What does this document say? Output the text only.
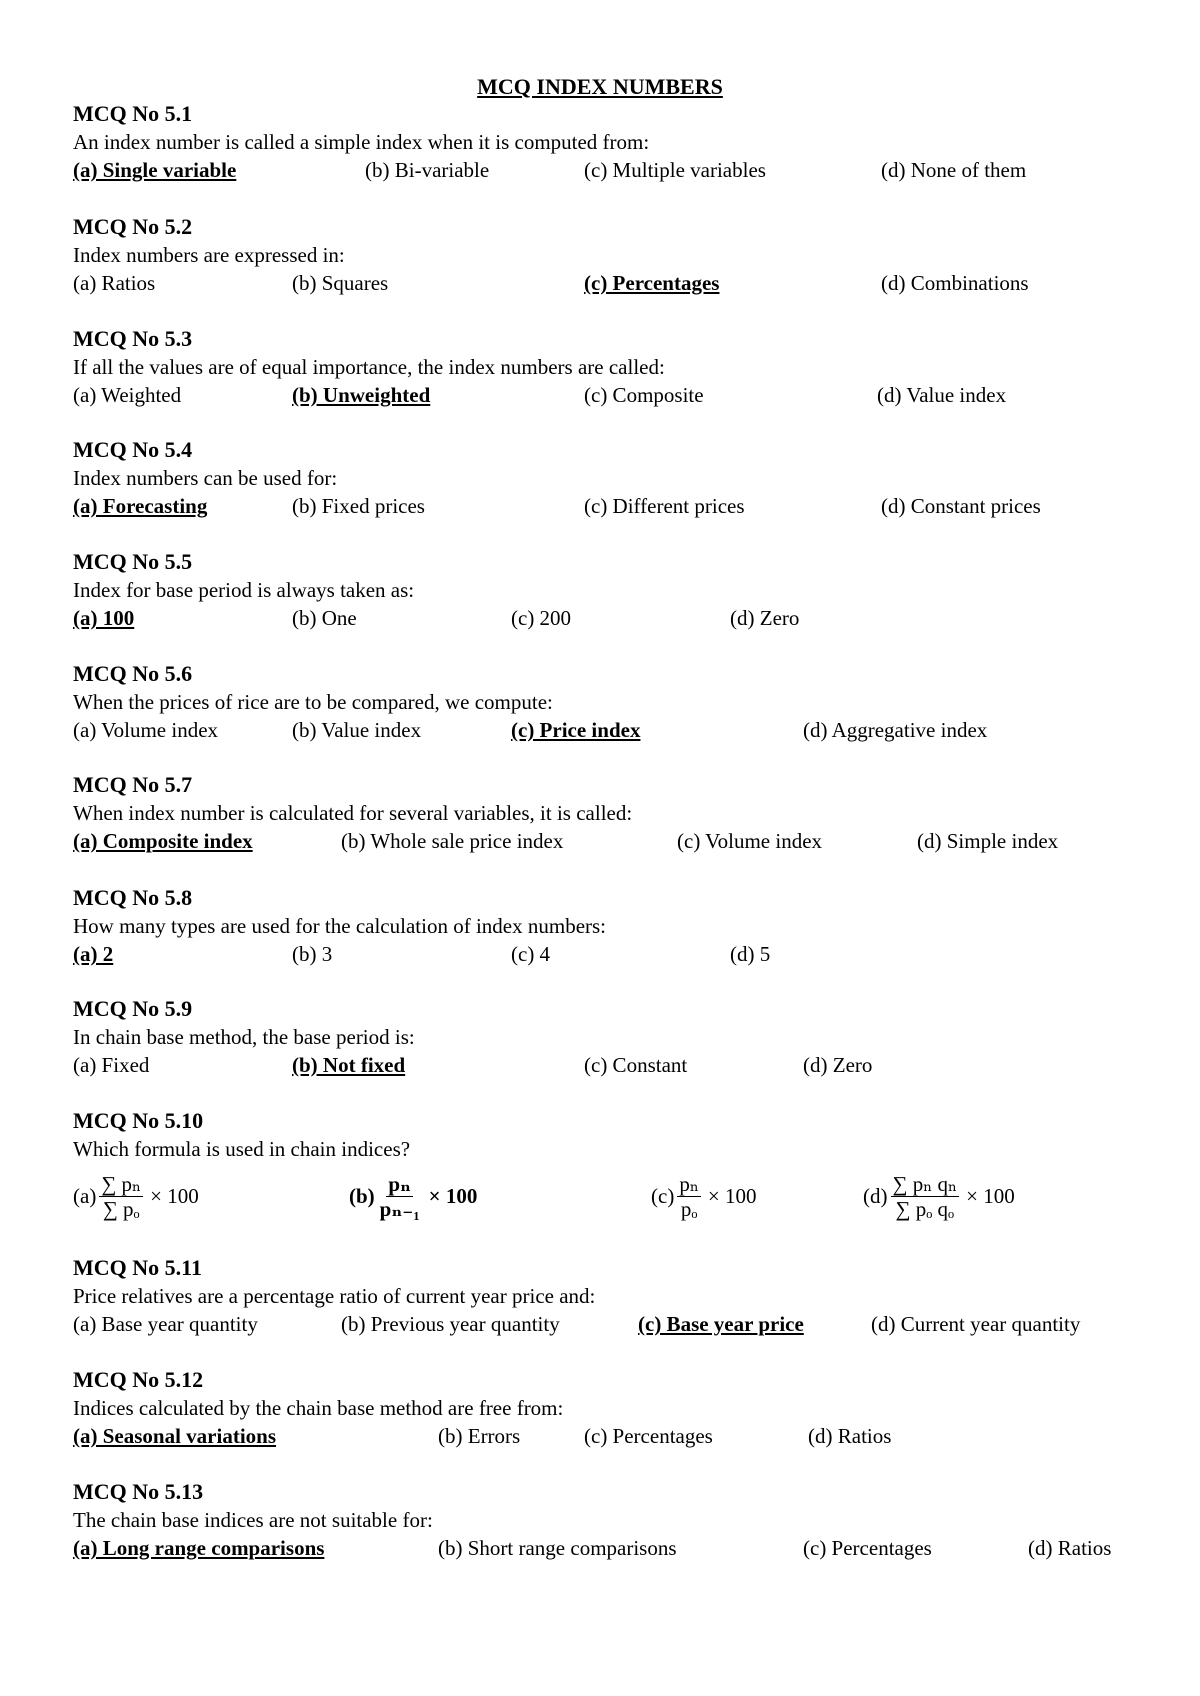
MCQ INDEX NUMBERS
MCQ No 5.1
An index number is called a simple index when it is computed from:
(a) Single variable	(b) Bi-variable	(c) Multiple variables	(d) None of them
MCQ No 5.2
Index numbers are expressed in:
(a) Ratios	(b) Squares	(c) Percentages	(d) Combinations
MCQ No 5.3
If all the values are of equal importance, the index numbers are called:
(a) Weighted	(b) Unweighted	(c) Composite	(d) Value index
MCQ No 5.4
Index numbers can be used for:
(a) Forecasting	(b) Fixed prices	(c) Different prices	(d) Constant prices
MCQ No 5.5
Index for base period is always taken as:
(a) 100	(b) One	(c) 200	(d) Zero
MCQ No 5.6
When the prices of rice are to be compared, we compute:
(a) Volume index	(b) Value index	(c) Price index	(d) Aggregative index
MCQ No 5.7
When index number is calculated for several variables, it is called:
(a) Composite index	(b) Whole sale price index	(c) Volume index	(d) Simple index
MCQ No 5.8
How many types are used for the calculation of index numbers:
(a) 2	(b) 3	(c) 4	(d) 5
MCQ No 5.9
In chain base method, the base period is:
(a) Fixed	(b) Not fixed	(c) Constant	(d) Zero
MCQ No 5.10
Which formula is used in chain indices?
$(a) \frac{\text{∑ pₙ}}{\text{∑ pₒ}} \times 100$	$(b) \frac{\text{pₙ}}{\text{pₙ₋₁}} \times 100$	$(c) \frac{\text{pₙ}}{\text{pₒ}} \times 100$	$(d) \frac{\text{∑ pₙ qₙ}}{\text{∑ pₒ qₒ}} \times 100$
MCQ No 5.11
Price relatives are a percentage ratio of current year price and:
(a) Base year quantity	(b) Previous year quantity	(c) Base year price	(d) Current year quantity
MCQ No 5.12
Indices calculated by the chain base method are free from:
(a) Seasonal variations	(b) Errors	(c) Percentages	(d) Ratios
MCQ No 5.13
The chain base indices are not suitable for:
(a) Long range comparisons	(b) Short range comparisons	(c) Percentages	(d) Ratios
